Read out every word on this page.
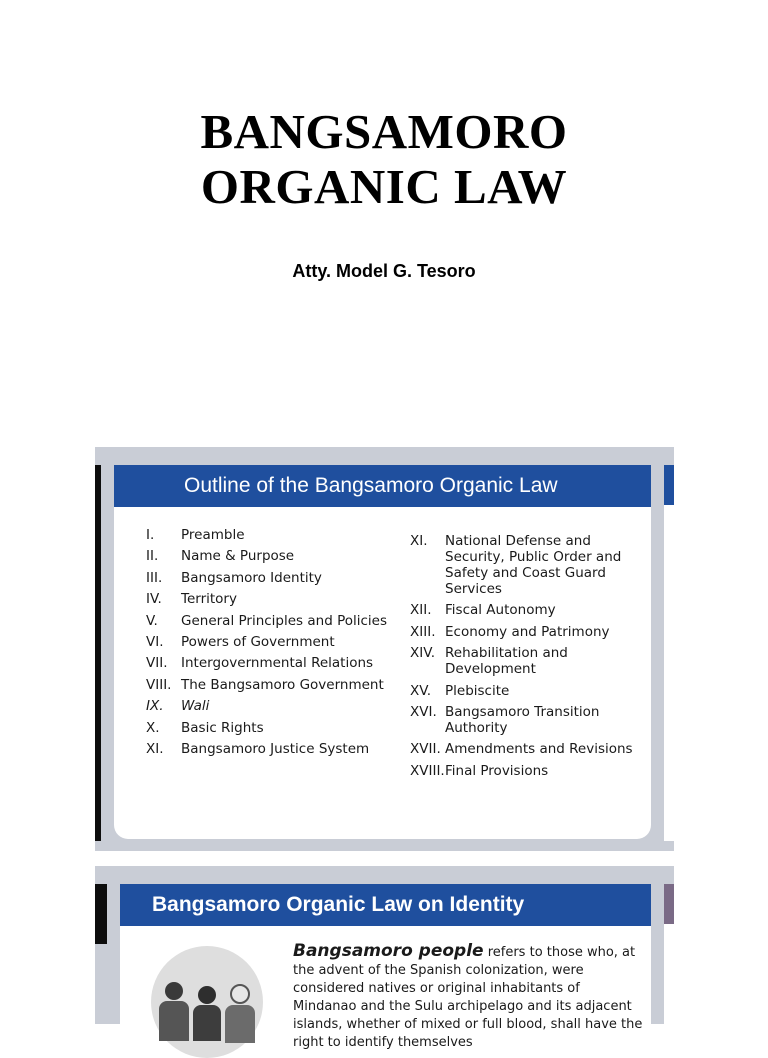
BANGSAMORO
ORGANIC LAW
Atty. Model G. Tesoro
Outline of the Bangsamoro Organic Law
I.	Preamble
II.	Name & Purpose
III.	Bangsamoro Identity
IV.	Territory
V.	General Principles and Policies
VI.	Powers of Government
VII.	Intergovernmental Relations
VIII. The Bangsamoro Government
IX.	Wali
X.	Basic Rights
XI.	Bangsamoro Justice System
XI.	National Defense and Security, Public Order and Safety and Coast Guard Services
XII. Fiscal Autonomy
XIII. Economy and Patrimony
XIV. Rehabilitation and Development
XV.	Plebiscite
XVI. Bangsamoro Transition Authority
XVII. Amendments and Revisions
XVIII. Final Provisions
Bangsamoro Organic Law on Identity
Bangsamoro people refers to those who, at the advent of the Spanish colonization, were considered natives or original inhabitants of Mindanao and the Sulu archipelago and its adjacent islands, whether of mixed or full blood, shall have the right to identify themselves
